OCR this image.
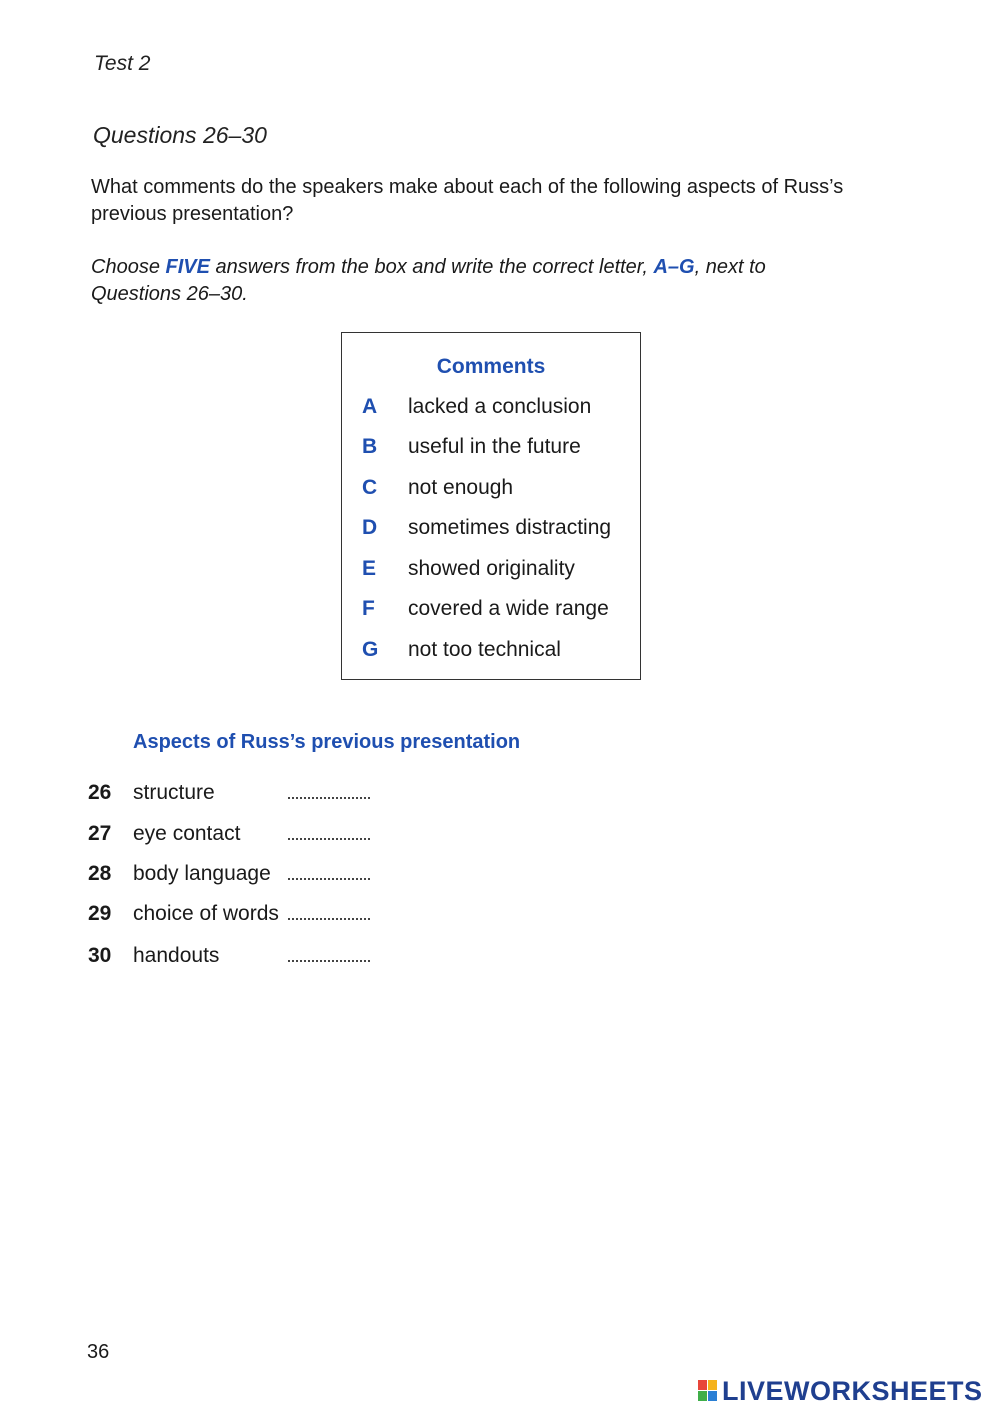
Test 2
Questions 26–30
What comments do the speakers make about each of the following aspects of Russ’s previous presentation?
Choose FIVE answers from the box and write the correct letter, A–G, next to Questions 26–30.
Comments
A lacked a conclusion
B useful in the future
C not enough
D sometimes distracting
E showed originality
F covered a wide range
G not too technical
Aspects of Russ’s previous presentation
26 structure
27 eye contact
28 body language
29 choice of words
30 handouts
36
LIVEWORKSHEETS
